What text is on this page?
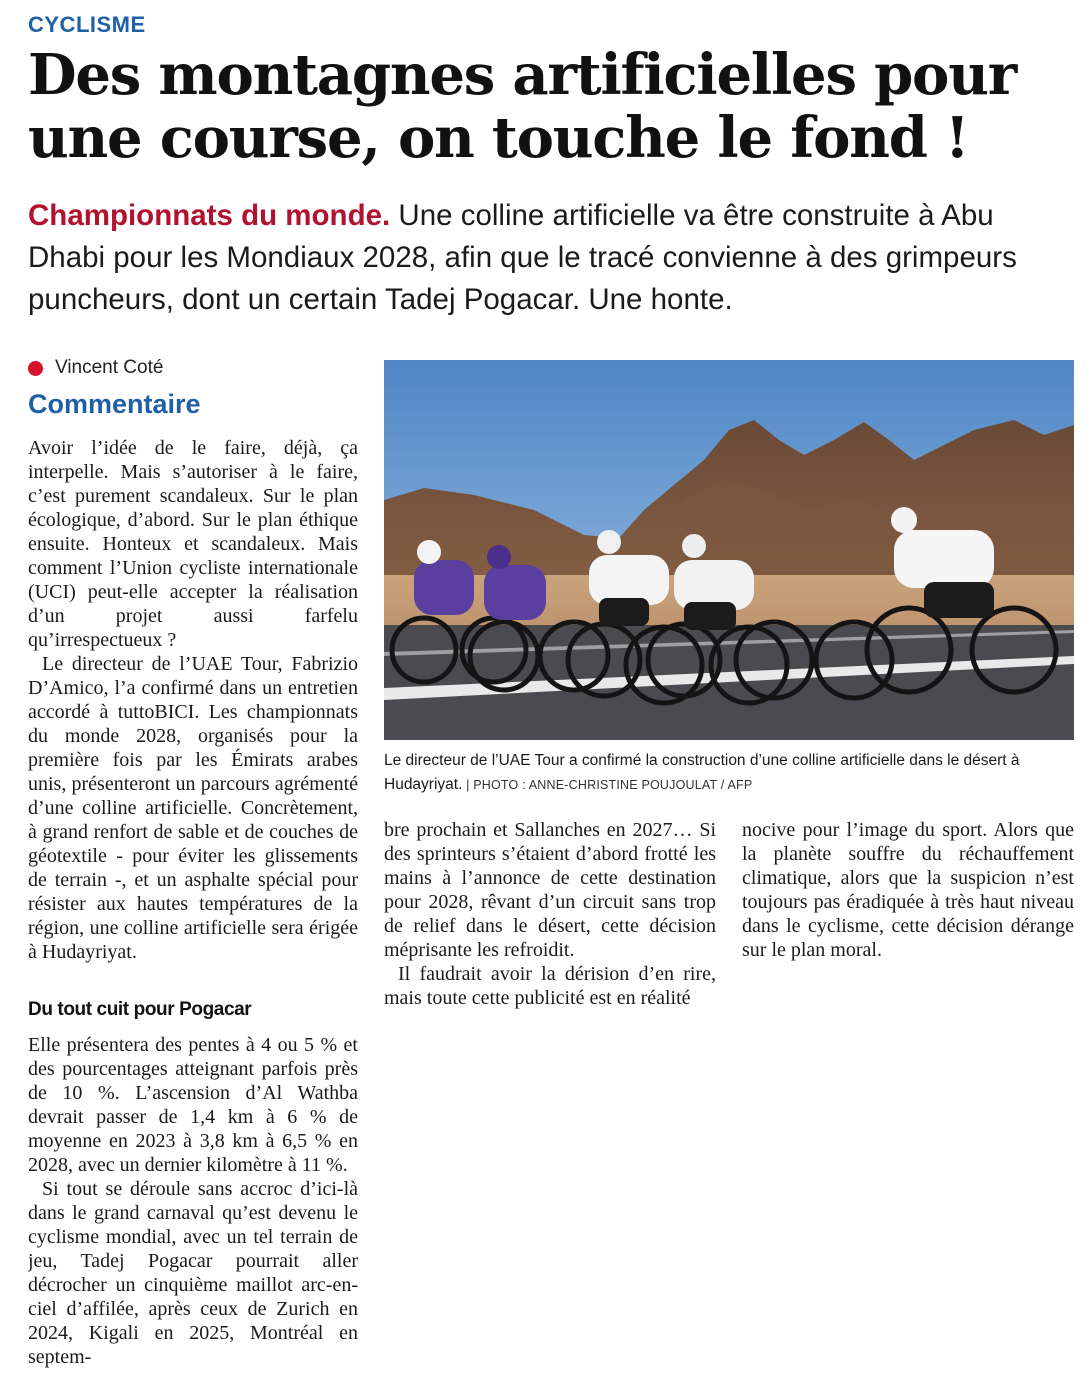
CYCLISME
Des montagnes artificielles pour une course, on touche le fond !

Championnats du monde. Une colline artificielle va être construite à Abu Dhabi pour les Mondiaux 2028, afin que le tracé convienne à des grimpeurs puncheurs, dont un certain Tadej Pogacar. Une honte.

Vincent Coté
Commentaire

Avoir l’idée de le faire, déjà, ça interpelle. Mais s’autoriser à le faire, c’est purement scandaleux. Sur le plan écologique, d’abord. Sur le plan éthique ensuite. Honteux et scandaleux. Mais comment l’Union cycliste internationale (UCI) peut-elle accepter la réalisation d’un projet aussi farfelu qu’irrespectueux ?

Le directeur de l’UAE Tour, Fabrizio D’Amico, l’a confirmé dans un entretien accordé à tuttoBICI. Les championnats du monde 2028, organisés pour la première fois par les Émirats arabes unis, présenteront un parcours agrémenté d’une colline artificielle. Concrètement, à grand renfort de sable et de couches de géotextile - pour éviter les glissements de terrain -, et un asphalte spécial pour résister aux hautes températures de la région, une colline artificielle sera érigée à Hudayriyat.

Du tout cuit pour Pogacar

Elle présentera des pentes à 4 ou 5 % et des pourcentages atteignant parfois près de 10 %. L’ascension d’Al Wathba devrait passer de 1,4 km à 6 % de moyenne en 2023 à 3,8 km à 6,5 % en 2028, avec un dernier kilomètre à 11 %.

Si tout se déroule sans accroc d’ici-là dans le grand carnaval qu’est devenu le cyclisme mondial, avec un tel terrain de jeu, Tadej Pogacar pourrait aller décrocher un cinquième maillot arc-en-ciel d’affilée, après ceux de Zurich en 2024, Kigali en 2025, Montréal en septem-

Le directeur de l’UAE Tour a confirmé la construction d’une colline artificielle dans le désert à Hudayriyat. | PHOTO : ANNE-CHRISTINE POUJOULAT / AFP

bre prochain et Sallanches en 2027… Si des sprinteurs s’étaient d’abord frotté les mains à l’annonce de cette destination pour 2028, rêvant d’un circuit sans trop de relief dans le désert, cette décision méprisante les refroidit.

Il faudrait avoir la dérision d’en rire, mais toute cette publicité est en réalité

nocive pour l’image du sport. Alors que la planète souffre du réchauffement climatique, alors que la suspicion n’est toujours pas éradiquée à très haut niveau dans le cyclisme, cette décision dérange sur le plan moral.
